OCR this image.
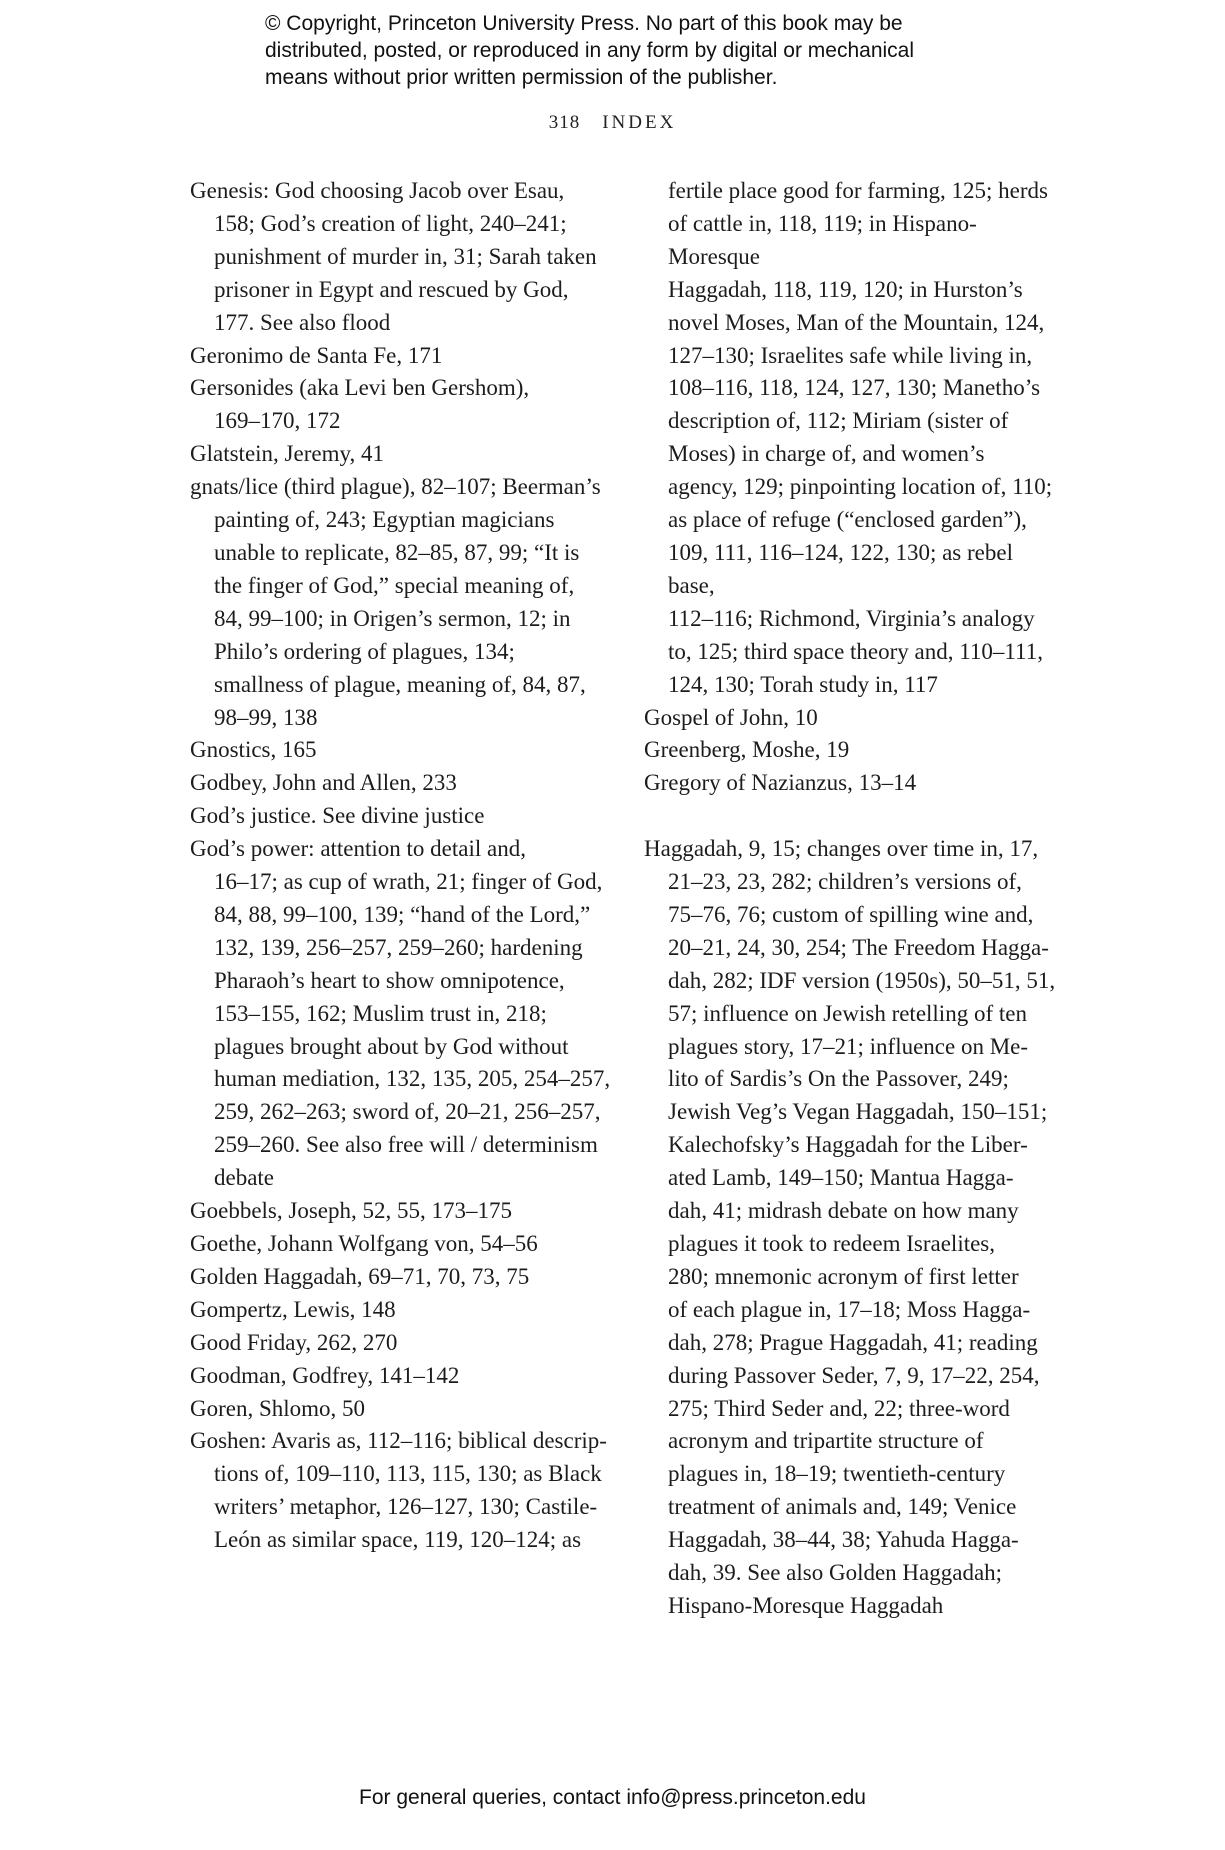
© Copyright, Princeton University Press. No part of this book may be
distributed, posted, or reproduced in any form by digital or mechanical
means without prior written permission of the publisher.
318 INDEX
Genesis: God choosing Jacob over Esau,
158; God’s creation of light, 240–241;
punishment of murder in, 31; Sarah taken
prisoner in Egypt and rescued by God,
177. See also flood
Geronimo de Santa Fe, 171
Gersonides (aka Levi ben Gershom),
169–170, 172
Glatstein, Jeremy, 41
gnats/lice (third plague), 82–107; Beerman’s
painting of, 243; Egyptian magicians
unable to replicate, 82–85, 87, 99; “It is
the finger of God,” special meaning of,
84, 99–100; in Origen’s sermon, 12; in
Philo’s ordering of plagues, 134;
smallness of plague, meaning of, 84, 87,
98–99, 138
Gnostics, 165
Godbey, John and Allen, 233
God’s justice. See divine justice
God’s power: attention to detail and,
16–17; as cup of wrath, 21; finger of God,
84, 88, 99–100, 139; “hand of the Lord,”
132, 139, 256–257, 259–260; hardening
Pharaoh’s heart to show omnipotence,
153–155, 162; Muslim trust in, 218;
plagues brought about by God without
human mediation, 132, 135, 205, 254–257,
259, 262–263; sword of, 20–21, 256–257,
259–260. See also free will / determinism
debate
Goebbels, Joseph, 52, 55, 173–175
Goethe, Johann Wolfgang von, 54–56
Golden Haggadah, 69–71, 70, 73, 75
Gompertz, Lewis, 148
Good Friday, 262, 270
Goodman, Godfrey, 141–142
Goren, Shlomo, 50
Goshen: Avaris as, 112–116; biblical descrip-
tions of, 109–110, 113, 115, 130; as Black
writers’ metaphor, 126–127, 130; Castile-
León as similar space, 119, 120–124; as
fertile place good for farming, 125; herds
of cattle in, 118, 119; in Hispano-Moresque
Haggadah, 118, 119, 120; in Hurston’s
novel Moses, Man of the Mountain, 124,
127–130; Israelites safe while living in,
108–116, 118, 124, 127, 130; Manetho’s
description of, 112; Miriam (sister of
Moses) in charge of, and women’s
agency, 129; pinpointing location of, 110;
as place of refuge (“enclosed garden”),
109, 111, 116–124, 122, 130; as rebel base,
112–116; Richmond, Virginia’s analogy
to, 125; third space theory and, 110–111,
124, 130; Torah study in, 117
Gospel of John, 10
Greenberg, Moshe, 19
Gregory of Nazianzus, 13–14
Haggadah, 9, 15; changes over time in, 17,
21–23, 23, 282; children’s versions of,
75–76, 76; custom of spilling wine and,
20–21, 24, 30, 254; The Freedom Hagga-
dah, 282; IDF version (1950s), 50–51, 51,
57; influence on Jewish retelling of ten
plagues story, 17–21; influence on Me-
lito of Sardis’s On the Passover, 249;
Jewish Veg’s Vegan Haggadah, 150–151;
Kalechofsky’s Haggadah for the Liber-
ated Lamb, 149–150; Mantua Hagga-
dah, 41; midrash debate on how many
plagues it took to redeem Israelites,
280; mnemonic acronym of first letter
of each plague in, 17–18; Moss Hagga-
dah, 278; Prague Haggadah, 41; reading
during Passover Seder, 7, 9, 17–22, 254,
275; Third Seder and, 22; three-word
acronym and tripartite structure of
plagues in, 18–19; twentieth-century
treatment of animals and, 149; Venice
Haggadah, 38–44, 38; Yahuda Hagga-
dah, 39. See also Golden Haggadah;
Hispano-Moresque Haggadah
For general queries, contact info@press.princeton.edu
